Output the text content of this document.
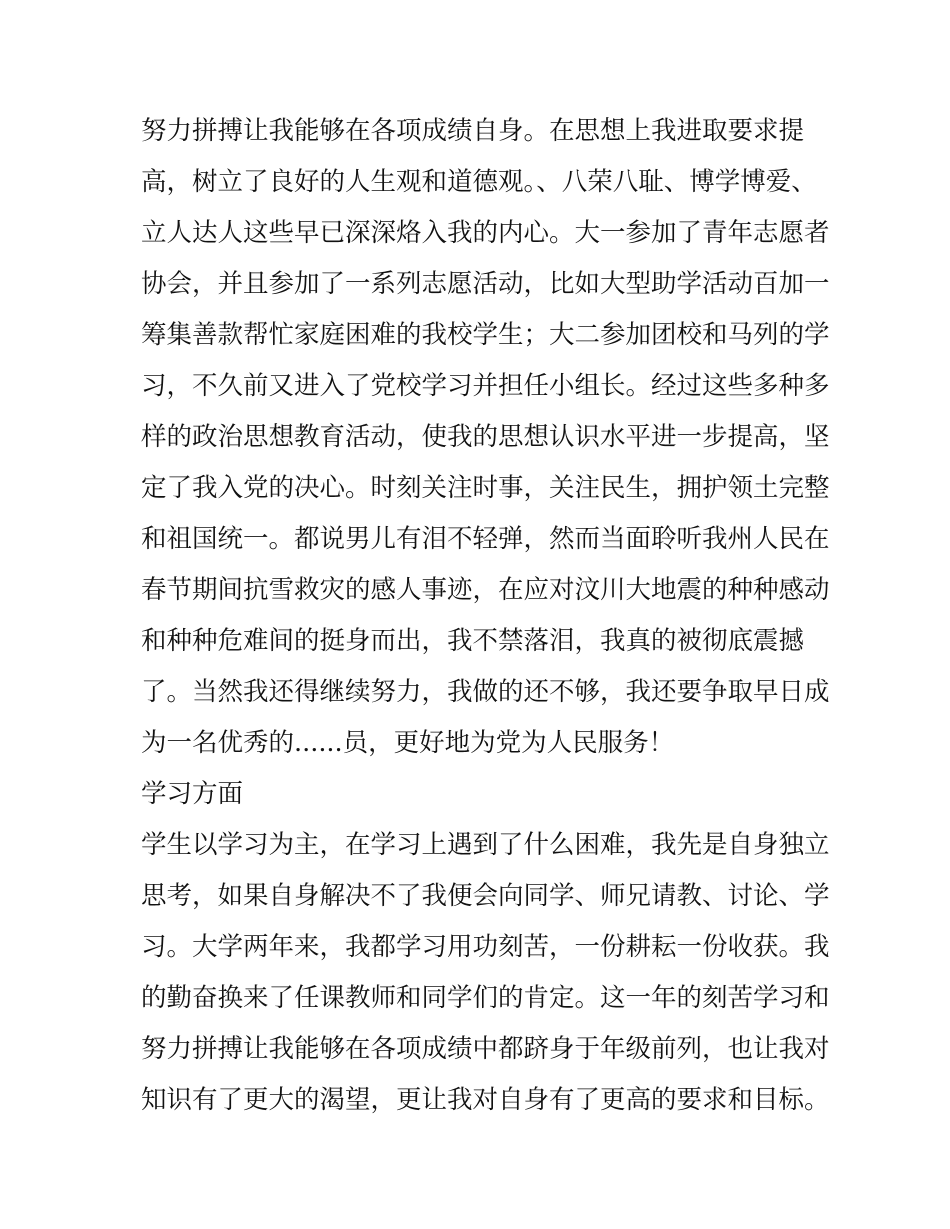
努力拼搏让我能够在各项成绩自身。在思想上我进取要求提
高，树立了良好的人生观和道德观。、八荣八耻、博学博爱、
立人达人这些早已深深烙入我的内心。大一参加了青年志愿者
协会，并且参加了一系列志愿活动，比如大型助学活动百加一
筹集善款帮忙家庭困难的我校学生；大二参加团校和马列的学
习，不久前又进入了党校学习并担任小组长。经过这些多种多
样的政治思想教育活动，使我的思想认识水平进一步提高，坚
定了我入党的决心。时刻关注时事，关注民生，拥护领土完整
和祖国统一。都说男儿有泪不轻弹，然而当面聆听我州人民在
春节期间抗雪救灾的感人事迹，在应对汶川大地震的种种感动
和种种危难间的挺身而出，我不禁落泪，我真的被彻底震撼
了。当然我还得继续努力，我做的还不够，我还要争取早日成
为一名优秀的......员，更好地为党为人民服务！
学习方面
学生以学习为主，在学习上遇到了什么困难，我先是自身独立
思考，如果自身解决不了我便会向同学、师兄请教、讨论、学
习。大学两年来，我都学习用功刻苦，一份耕耘一份收获。我
的勤奋换来了任课教师和同学们的肯定。这一年的刻苦学习和
努力拼搏让我能够在各项成绩中都跻身于年级前列，也让我对
知识有了更大的渴望，更让我对自身有了更高的要求和目标。
